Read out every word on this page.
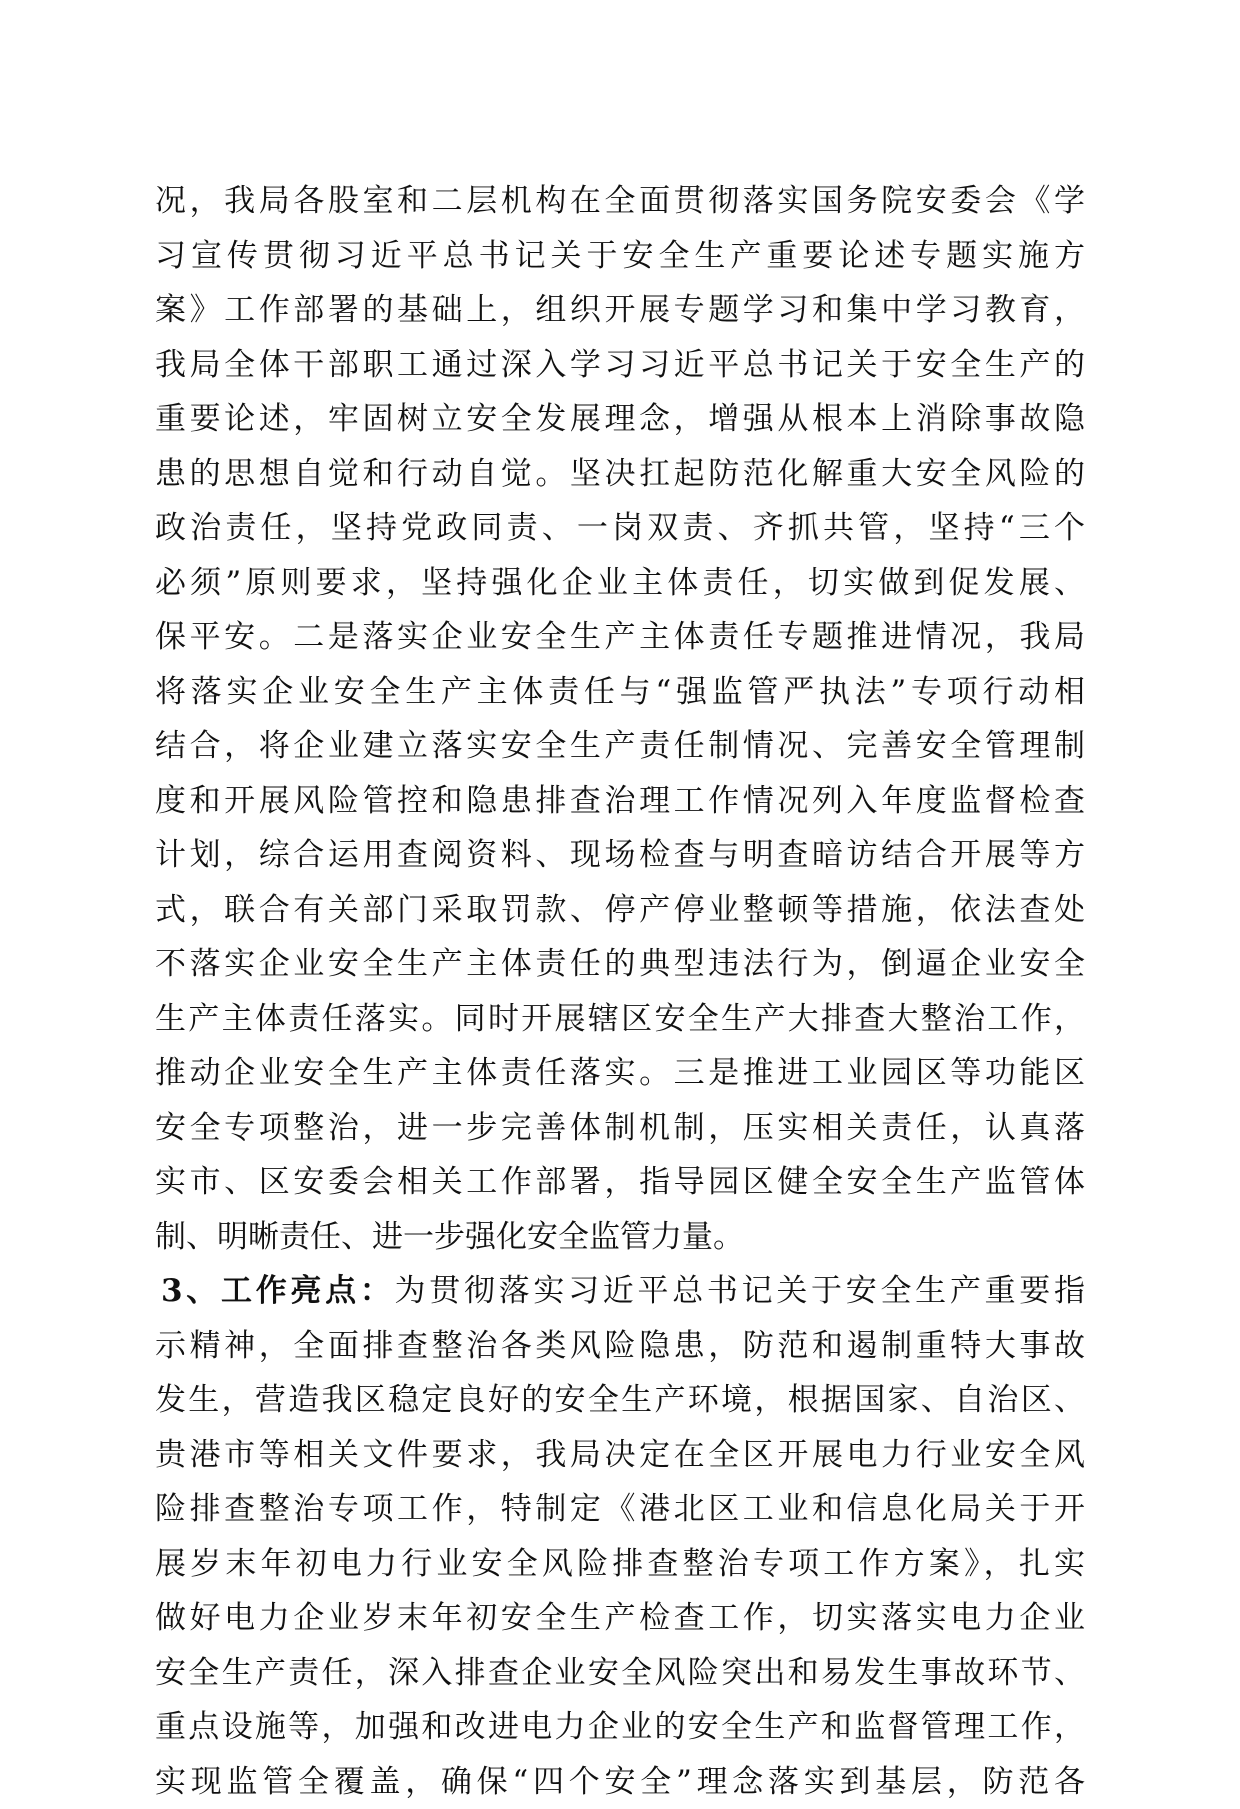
况，我局各股室和二层机构在全面贯彻落实国务院安委会《学
习宣传贯彻习近平总书记关于安全生产重要论述专题实施方
案》工作部署的基础上，组织开展专题学习和集中学习教育，
我局全体干部职工通过深入学习习近平总书记关于安全生产的
重要论述，牢固树立安全发展理念，增强从根本上消除事故隐
患的思想自觉和行动自觉。坚决扛起防范化解重大安全风险的
政治责任，坚持党政同责、一岗双责、齐抓共管，坚持“三个
必须”原则要求，坚持强化企业主体责任，切实做到促发展、
保平安。二是落实企业安全生产主体责任专题推进情况，我局
将落实企业安全生产主体责任与“强监管严执法”专项行动相
结合，将企业建立落实安全生产责任制情况、完善安全管理制
度和开展风险管控和隐患排查治理工作情况列入年度监督检查
计划，综合运用查阅资料、现场检查与明查暗访结合开展等方
式，联合有关部门采取罚款、停产停业整顿等措施，依法查处
不落实企业安全生产主体责任的典型违法行为，倒逼企业安全
生产主体责任落实。同时开展辖区安全生产大排查大整治工作，
推动企业安全生产主体责任落实。三是推进工业园区等功能区
安全专项整治，进一步完善体制机制，压实相关责任，认真落
实市、区安委会相关工作部署，指导园区健全安全生产监管体
制、明晰责任、进一步强化安全监管力量。
3、工作亮点：为贯彻落实习近平总书记关于安全生产重要指
示精神，全面排查整治各类风险隐患，防范和遏制重特大事故
发生，营造我区稳定良好的安全生产环境，根据国家、自治区、
贵港市等相关文件要求，我局决定在全区开展电力行业安全风
险排查整治专项工作，特制定《港北区工业和信息化局关于开
展岁末年初电力行业安全风险排查整治专项工作方案》，扎实
做好电力企业岁末年初安全生产检查工作，切实落实电力企业
安全生产责任，深入排查企业安全风险突出和易发生事故环节、
重点设施等，加强和改进电力企业的安全生产和监督管理工作，
实现监管全覆盖，确保“四个安全”理念落实到基层，防范各
